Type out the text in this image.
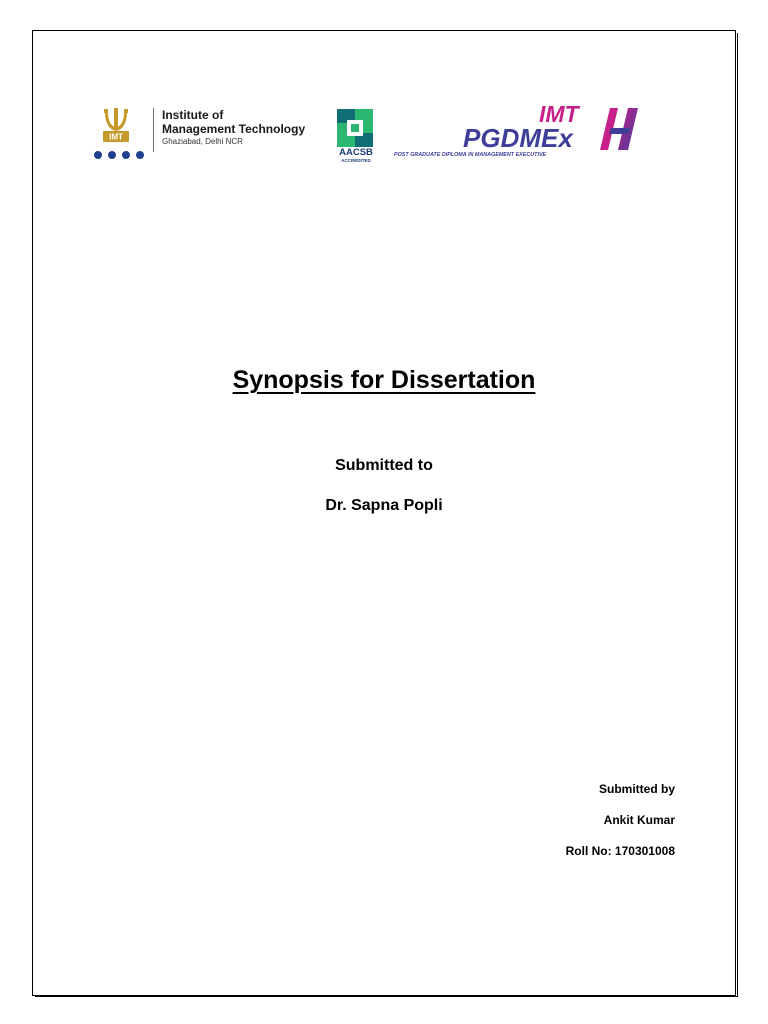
IMT
Institute of
Management Technology
Ghaziabad, Delhi NCR
AACSB
ACCREDITED
IMT
PGDMEx
POST GRADUATE DIPLOMA IN MANAGEMENT EXECUTIVE
Synopsis for Dissertation
Submitted to
Dr. Sapna Popli
Submitted by
Ankit Kumar
Roll No: 170301008
